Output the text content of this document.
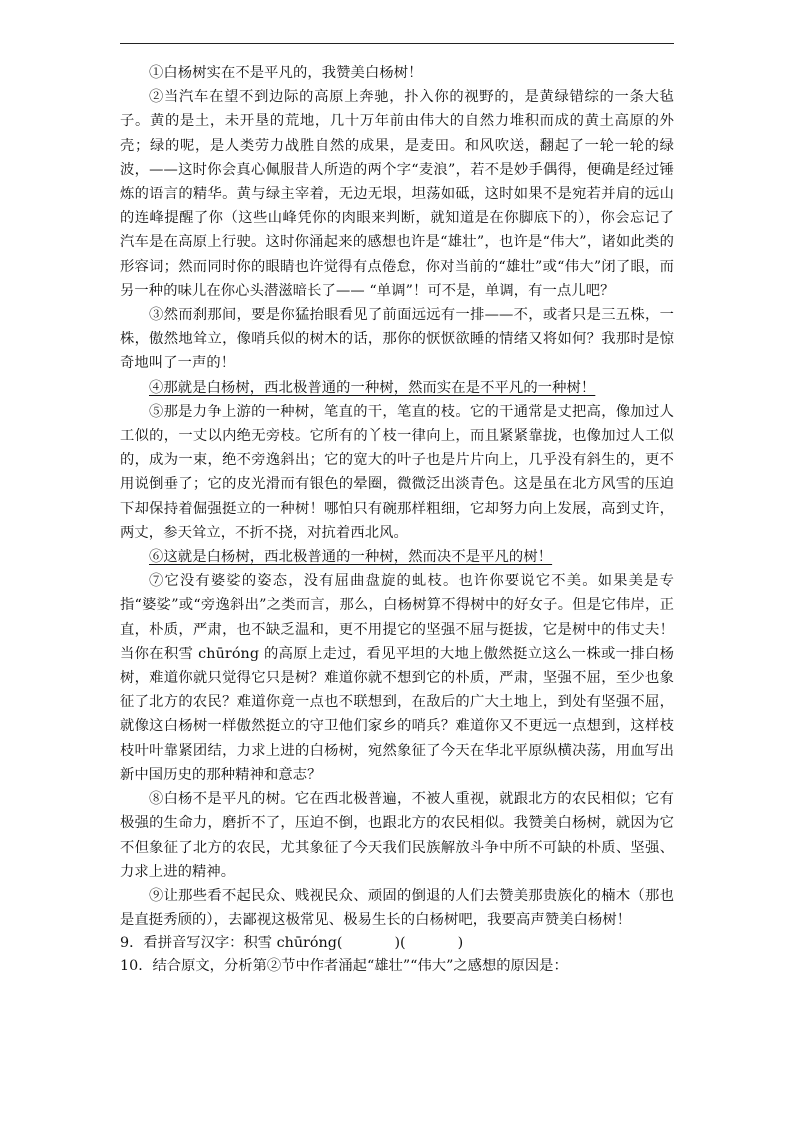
①白杨树实在不是平凡的，我赞美白杨树！

②当汽车在望不到边际的高原上奔驰，扑入你的视野的，是黄绿错综的一条大毡子。黄的是土，未开垦的荒地，几十万年前由伟大的自然力堆积而成的黄土高原的外壳；绿的呢，是人类劳力战胜自然的成果，是麦田。和风吹送，翻起了一轮一轮的绿波，——这时你会真心佩服昔人所造的两个字“麦浪”，若不是妙手偶得，便确是经过锤炼的语言的精华。黄与绿主宰着，无边无垠，坦荡如砥，这时如果不是宛若并肩的远山的连峰提醒了你（这些山峰凭你的肉眼来判断，就知道是在你脚底下的），你会忘记了汽车是在高原上行驶。这时你涌起来的感想也许是“雄壮”，也许是“伟大”，诸如此类的形容词；然而同时你的眼睛也许觉得有点倦怠，你对当前的“雄壮”或“伟大”闭了眼，而另一种的味儿在你心头潜滋暗长了—— “单调”！可不是，单调，有一点儿吧？

③然而刹那间，要是你猛抬眼看见了前面远远有一排——不，或者只是三五株，一株，傲然地耸立，像哨兵似的树木的话，那你的恹恹欲睡的情绪又将如何？我那时是惊奇地叫了一声的！

④那就是白杨树，西北极普通的一种树，然而实在是不平凡的一种树！

⑤那是力争上游的一种树，笔直的干，笔直的枝。它的干通常是丈把高，像加过人工似的，一丈以内绝无旁枝。它所有的丫枝一律向上，而且紧紧靠拢，也像加过人工似的，成为一束，绝不旁逸斜出；它的宽大的叶子也是片片向上，几乎没有斜生的，更不用说倒垂了；它的皮光滑而有银色的晕圈，微微泛出淡青色。这是虽在北方风雪的压迫下却保持着倔强挺立的一种树！哪怕只有碗那样粗细，它却努力向上发展，高到丈许，两丈，参天耸立，不折不挠，对抗着西北风。

⑥这就是白杨树，西北极普通的一种树，然而决不是平凡的树！

⑦它没有婆娑的姿态，没有屈曲盘旋的虬枝。也许你要说它不美。如果美是专指“婆娑”或“旁逸斜出”之类而言，那么，白杨树算不得树中的好女子。但是它伟岸，正直，朴质，严肃，也不缺乏温和，更不用提它的坚强不屈与挺拔，它是树中的伟丈夫！当你在积雪 chūróng 的高原上走过，看见平坦的大地上傲然挺立这么一株或一排白杨树，难道你就只觉得它只是树？难道你就不想到它的朴质，严肃，坚强不屈，至少也象征了北方的农民？难道你竟一点也不联想到，在敌后的广大土地上，到处有坚强不屈，就像这白杨树一样傲然挺立的守卫他们家乡的哨兵？难道你又不更远一点想到，这样枝枝叶叶靠紧团结，力求上进的白杨树，宛然象征了今天在华北平原纵横决荡，用血写出新中国历史的那种精神和意志？

⑧白杨不是平凡的树。它在西北极普遍，不被人重视，就跟北方的农民相似；它有极强的生命力，磨折不了，压迫不倒，也跟北方的农民相似。我赞美白杨树，就因为它不但象征了北方的农民，尤其象征了今天我们民族解放斗争中所不可缺的朴质、坚强、力求上进的精神。

⑨让那些看不起民众、贱视民众、顽固的倒退的人们去赞美那贵族化的楠木（那也是直挺秀颀的），去鄙视这极常见、极易生长的白杨树吧，我要高声赞美白杨树！

9．看拼音写汉字：积雪 chūróng(	)(	)

10．结合原文，分析第②节中作者涌起“雄壮”“伟大”之感想的原因是：
